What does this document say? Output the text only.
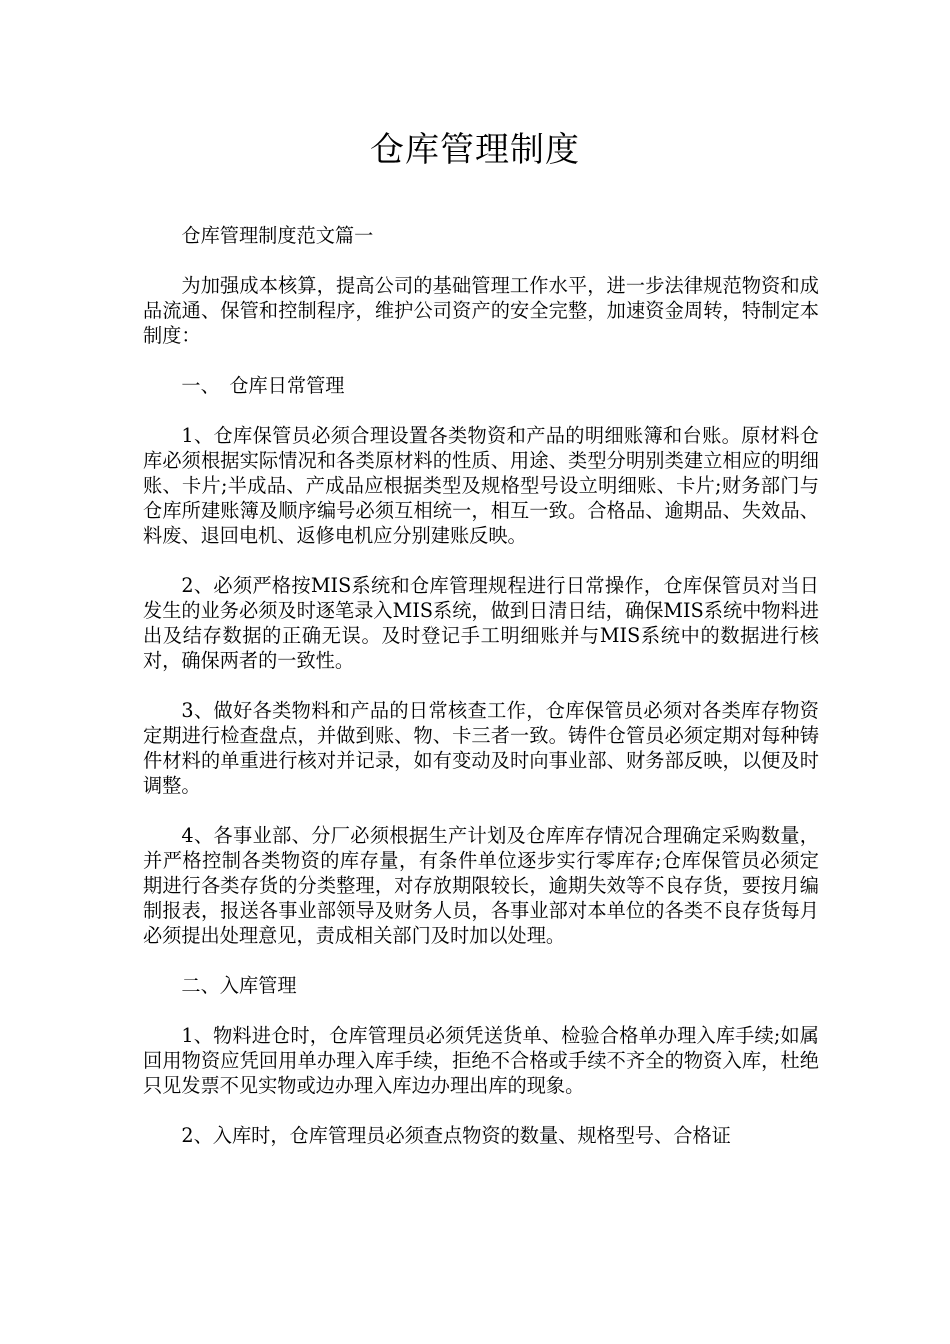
仓库管理制度

仓库管理制度范文篇一

为加强成本核算，提高公司的基础管理工作水平，进一步法律规范物资和成品流通、保管和控制程序，维护公司资产的安全完整，加速资金周转，特制定本制度：

一、　仓库日常管理

1、仓库保管员必须合理设置各类物资和产品的明细账簿和台账。原材料仓库必须根据实际情况和各类原材料的性质、用途、类型分明别类建立相应的明细账、卡片;半成品、产成品应根据类型及规格型号设立明细账、卡片;财务部门与仓库所建账簿及顺序编号必须互相统一，相互一致。合格品、逾期品、失效品、料废、退回电机、返修电机应分别建账反映。

2、必须严格按MIS系统和仓库管理规程进行日常操作，仓库保管员对当日发生的业务必须及时逐笔录入MIS系统，做到日清日结，确保MIS系统中物料进出及结存数据的正确无误。及时登记手工明细账并与MIS系统中的数据进行核对，确保两者的一致性。

3、做好各类物料和产品的日常核查工作，仓库保管员必须对各类库存物资定期进行检查盘点，并做到账、物、卡三者一致。铸件仓管员必须定期对每种铸件材料的单重进行核对并记录，如有变动及时向事业部、财务部反映，以便及时调整。

4、各事业部、分厂必须根据生产计划及仓库库存情况合理确定采购数量，并严格控制各类物资的库存量，有条件单位逐步实行零库存;仓库保管员必须定期进行各类存货的分类整理，对存放期限较长，逾期失效等不良存货，要按月编制报表，报送各事业部领导及财务人员，各事业部对本单位的各类不良存货每月必须提出处理意见，责成相关部门及时加以处理。

二、入库管理

1、物料进仓时，仓库管理员必须凭送货单、检验合格单办理入库手续;如属回用物资应凭回用单办理入库手续，拒绝不合格或手续不齐全的物资入库，杜绝只见发票不见实物或边办理入库边办理出库的现象。

2、入库时，仓库管理员必须查点物资的数量、规格型号、合格证
